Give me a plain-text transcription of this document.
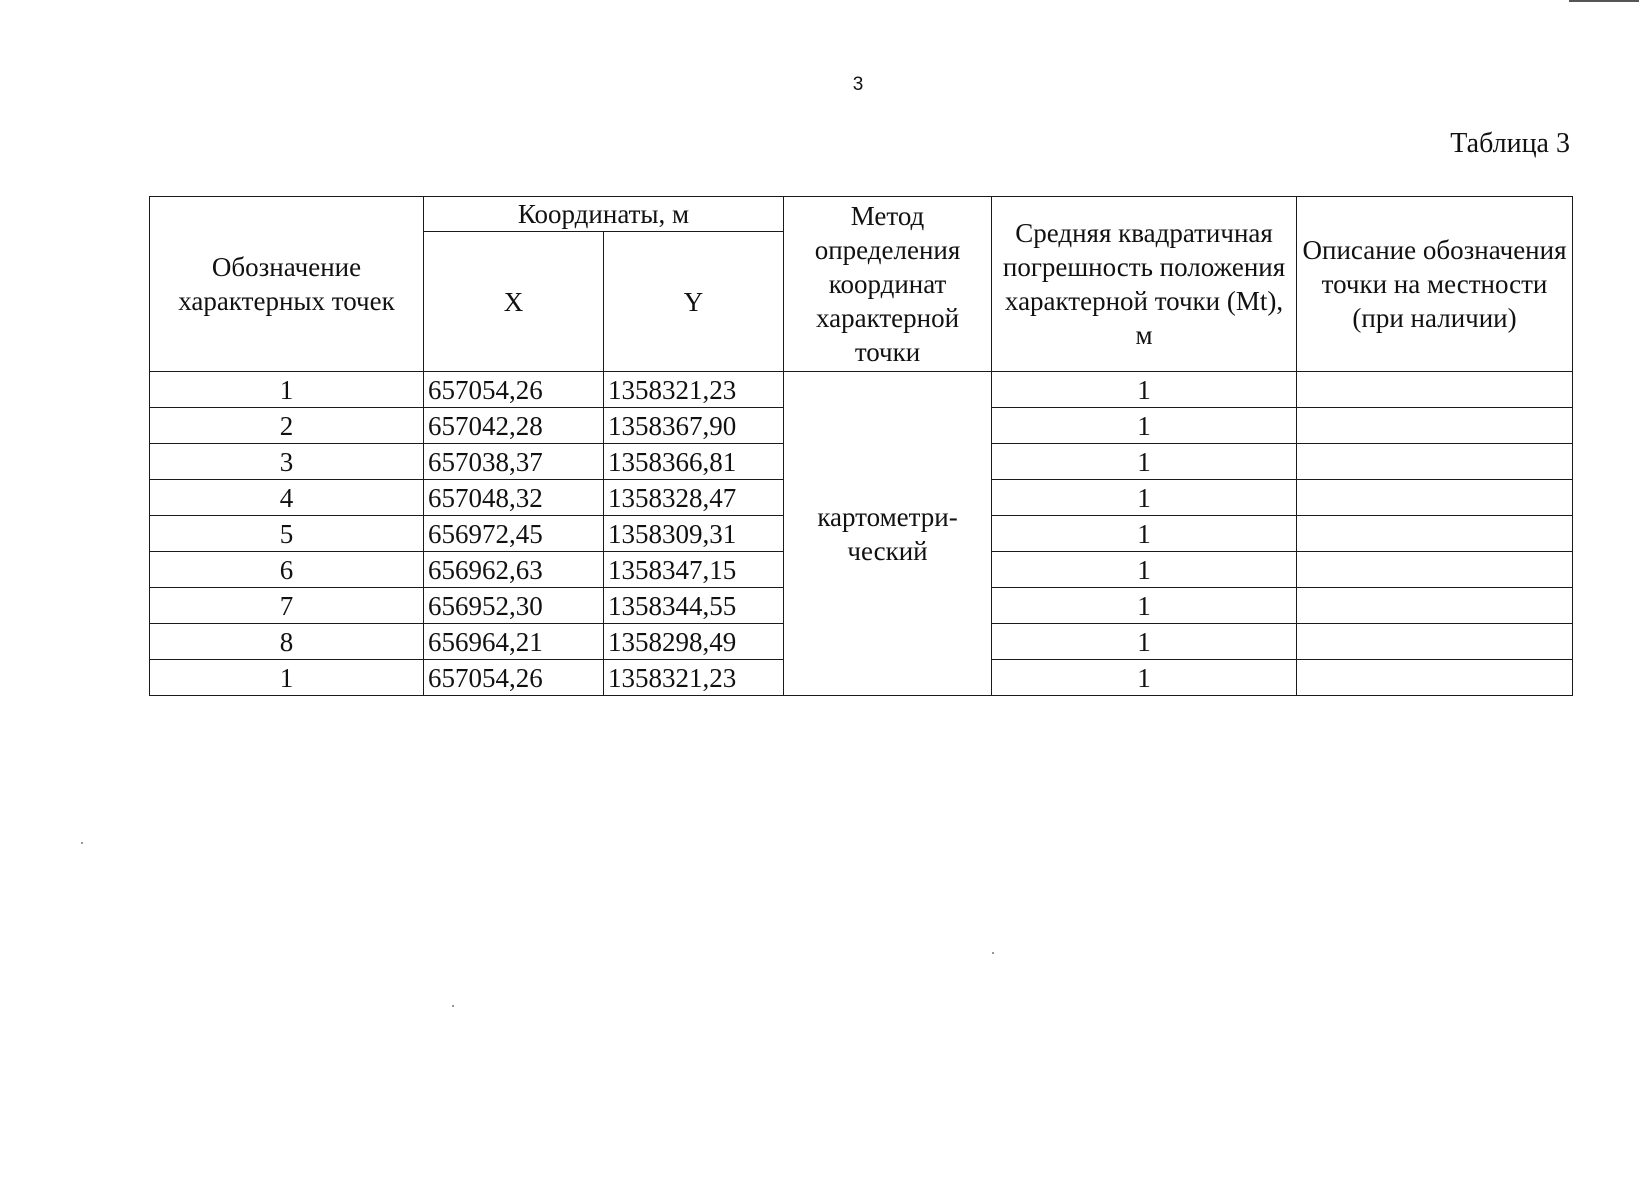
3
Таблица 3
Обозначение характерных точек	Координаты, м		Метод определения координат характерной точки	Средняя квадратичная погрешность положения характерной точки (Mt), м	Описание обозначения точки на местности (при наличии)
	X	Y			
1	657054,26	1358321,23	картометри-ческий	1	
2	657042,28	1358367,90		1	
3	657038,37	1358366,81		1	
4	657048,32	1358328,47		1	
5	656972,45	1358309,31		1	
6	656962,63	1358347,15		1	
7	656952,30	1358344,55		1	
8	656964,21	1358298,49		1	
1	657054,26	1358321,23		1	
